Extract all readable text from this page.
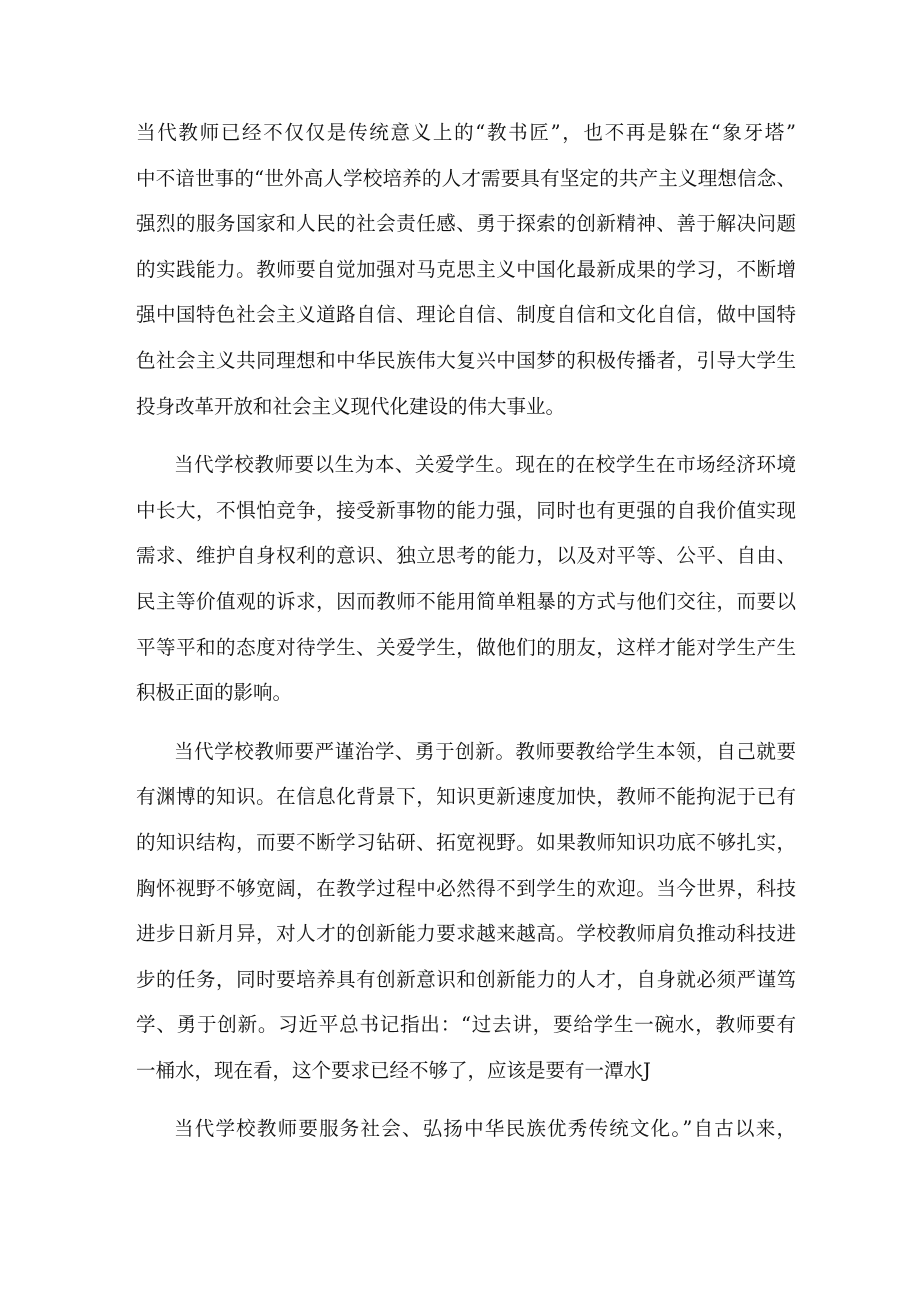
当代教师已经不仅仅是传统意义上的“教书匠”，也不再是躲在“象牙塔”
中不谙世事的“世外高人学校培养的人才需要具有坚定的共产主义理想信念、
强烈的服务国家和人民的社会责任感、勇于探索的创新精神、善于解决问题
的实践能力。教师要自觉加强对马克思主义中国化最新成果的学习，不断增
强中国特色社会主义道路自信、理论自信、制度自信和文化自信，做中国特
色社会主义共同理想和中华民族伟大复兴中国梦的积极传播者，引导大学生
投身改革开放和社会主义现代化建设的伟大事业。
当代学校教师要以生为本、关爱学生。现在的在校学生在市场经济环境
中长大，不惧怕竞争，接受新事物的能力强，同时也有更强的自我价值实现
需求、维护自身权利的意识、独立思考的能力，以及对平等、公平、自由、
民主等价值观的诉求，因而教师不能用简单粗暴的方式与他们交往，而要以
平等平和的态度对待学生、关爱学生，做他们的朋友，这样才能对学生产生
积极正面的影响。
当代学校教师要严谨治学、勇于创新。教师要教给学生本领，自己就要
有渊博的知识。在信息化背景下，知识更新速度加快，教师不能拘泥于已有
的知识结构，而要不断学习钻研、拓宽视野。如果教师知识功底不够扎实，
胸怀视野不够宽阔，在教学过程中必然得不到学生的欢迎。当今世界，科技
进步日新月异，对人才的创新能力要求越来越高。学校教师肩负推动科技进
步的任务，同时要培养具有创新意识和创新能力的人才，自身就必须严谨笃
学、勇于创新。习近平总书记指出：“过去讲，要给学生一碗水，教师要有
一桶水，现在看，这个要求已经不够了，应该是要有一潭水J
当代学校教师要服务社会、弘扬中华民族优秀传统文化。”自古以来，
